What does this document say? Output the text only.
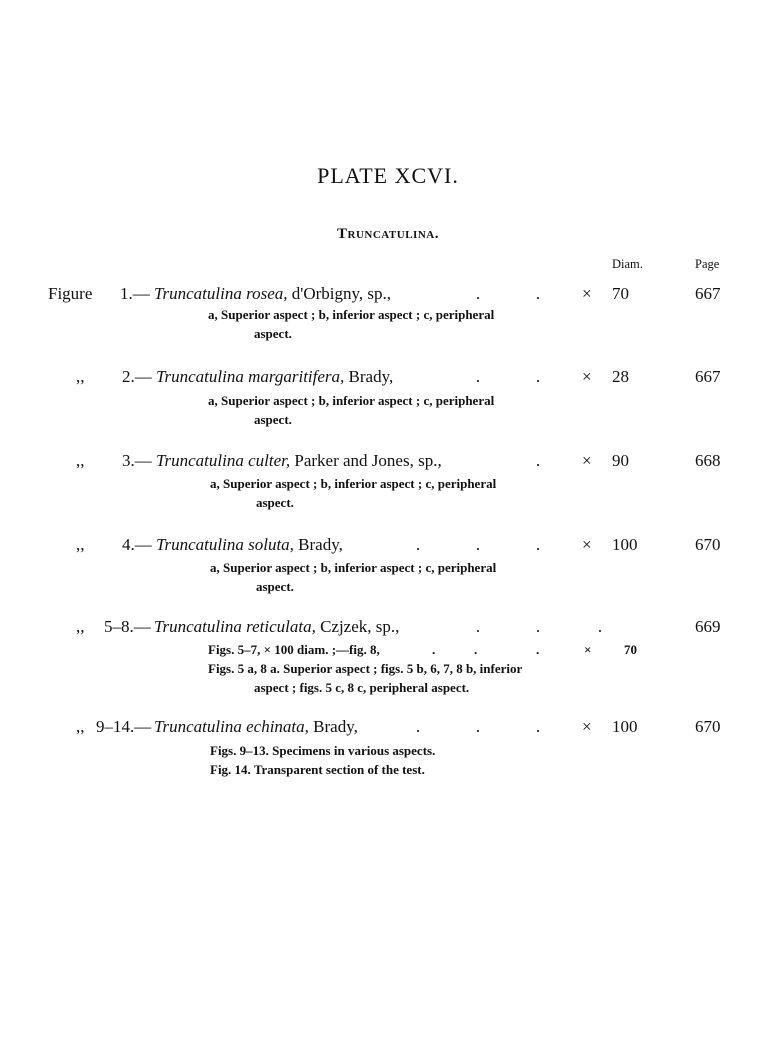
PLATE XCVI.
Truncatulina.
Diam.	Page
Figure 1.— Truncatulina rosea, d'Orbigny, sp.,	.	. × 70	667
a, Superior aspect ; b, inferior aspect ; c, peripheral
aspect.
,, 2.— Truncatulina margaritifera, Brady,	.	. × 28	667
a, Superior aspect ; b, inferior aspect ; c, peripheral
aspect.
,, 3.— Truncatulina culter, Parker and Jones, sp.,	. × 90	668
a, Superior aspect ; b, inferior aspect ; c, peripheral
aspect.
,, 4.— Truncatulina soluta, Brady,	.	.	. × 100	670
a, Superior aspect ; b, inferior aspect ; c, peripheral
aspect.
,, 5–8.— Truncatulina reticulata, Czjzek, sp.,	.	.	.	669
Figs. 5–7, × 100 diam. ;—fig. 8,	.	.	.	×	70
Figs. 5 a, 8 a. Superior aspect ; figs. 5 b, 6, 7, 8 b, inferior
aspect ; figs. 5 c, 8 c, peripheral aspect.
,, 9–14.— Truncatulina echinata, Brady,	.	.	. × 100	670
Figs. 9–13. Specimens in various aspects.
Fig. 14. Transparent section of the test.
